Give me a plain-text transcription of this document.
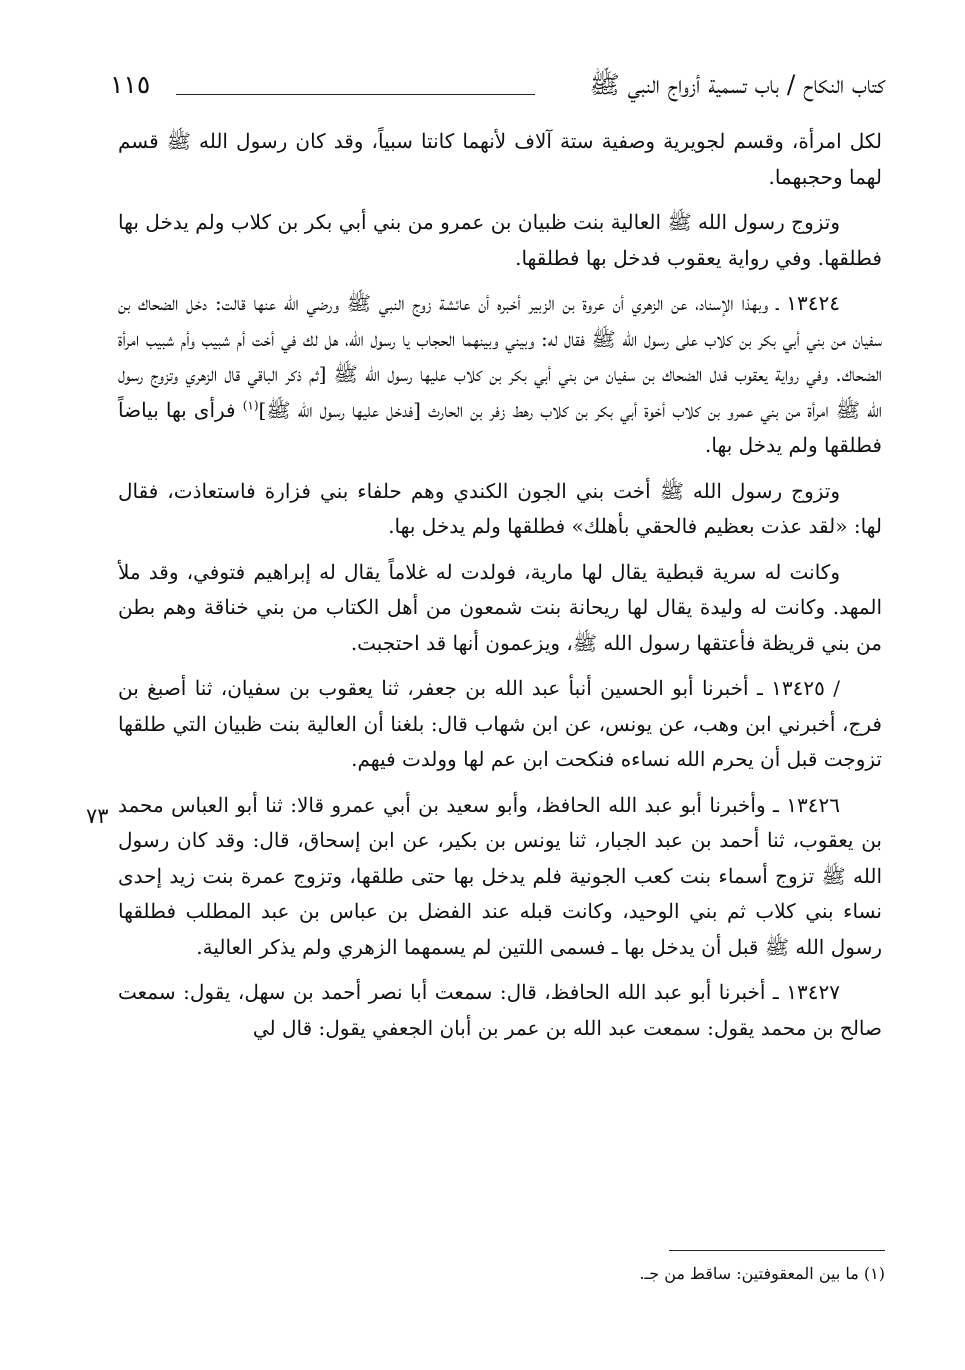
كتاب النكاح / باب تسمية أزواج النبي ﷺ
١١٥

لكل امرأة، وقسم لجويرية وصفية ستة آلاف لأنهما كانتا سبياً، وقد كان رسول الله ﷺ قسم لهما وحجبهما.

وتزوج رسول الله ﷺ العالية بنت ظبيان بن عمرو من بني أبي بكر بن كلاب ولم يدخل بها فطلقها. وفي رواية يعقوب فدخل بها فطلقها.

١٣٤٢٤ ـ وبهذا الإسناد، عن الزهري أن عروة بن الزبير أخبره أن عائشة زوج النبي ﷺ ورضي الله عنها قالت: دخل الضحاك بن سفيان من بني أبي بكر بن كلاب على رسول الله ﷺ فقال له: وبيني وبينهما الحجاب يا رسول الله، هل لك في أخت أم شبيب وأم شبيب امرأة الضحاك. وفي رواية يعقوب فدل الضحاك بن سفيان من بني أبي بكر بن كلاب عليها رسول الله ﷺ [ثم ذكر الباقي قال الزهري وتزوج رسول الله ﷺ امرأة من بني عمرو بن كلاب أخوة أبي بكر بن كلاب رهط زفر بن الحارث [فدخل عليها رسول الله ﷺ]$^{(١)}$ فرأى بها بياضاً فطلقها ولم يدخل بها.

وتزوج رسول الله ﷺ أخت بني الجون الكندي وهم حلفاء بني فزارة فاستعاذت، فقال لها: «لقد عذت بعظيم فالحقي بأهلك» فطلقها ولم يدخل بها.

وكانت له سرية قبطية يقال لها مارية، فولدت له غلاماً يقال له إبراهيم فتوفي، وقد ملأ المهد. وكانت له وليدة يقال لها ريحانة بنت شمعون من أهل الكتاب من بني خناقة وهم بطن من بني قريظة فأعتقها رسول الله ﷺ، ويزعمون أنها قد احتجبت.

/ ١٣٤٢٥ ـ أخبرنا أبو الحسين أنبأ عبد الله بن جعفر، ثنا يعقوب بن سفيان، ثنا أصبغ بن فرج، أخبرني ابن وهب، عن يونس، عن ابن شهاب قال: بلغنا أن العالية بنت ظبيان التي طلقها تزوجت قبل أن يحرم الله نساءه فنكحت ابن عم لها وولدت فيهم.

١٣٤٢٦ ـ وأخبرنا أبو عبد الله الحافظ، وأبو سعيد بن أبي عمرو قالا: ثنا أبو العباس محمد بن يعقوب، ثنا أحمد بن عبد الجبار، ثنا يونس بن بكير، عن ابن إسحاق، قال: وقد كان رسول الله ﷺ تزوج أسماء بنت كعب الجونية فلم يدخل بها حتى طلقها، وتزوج عمرة بنت زيد إحدى نساء بني كلاب ثم بني الوحيد، وكانت قبله عند الفضل بن عباس بن عبد المطلب فطلقها رسول الله ﷺ قبل أن يدخل بها ـ فسمى اللتين لم يسمهما الزهري ولم يذكر العالية.

١٣٤٢٧ ـ أخبرنا أبو عبد الله الحافظ، قال: سمعت أبا نصر أحمد بن سهل، يقول: سمعت صالح بن محمد يقول: سمعت عبد الله بن عمر بن أبان الجعفي يقول: قال لي

٧٣
(١) ما بين المعقوفتين: ساقط من جـ.
